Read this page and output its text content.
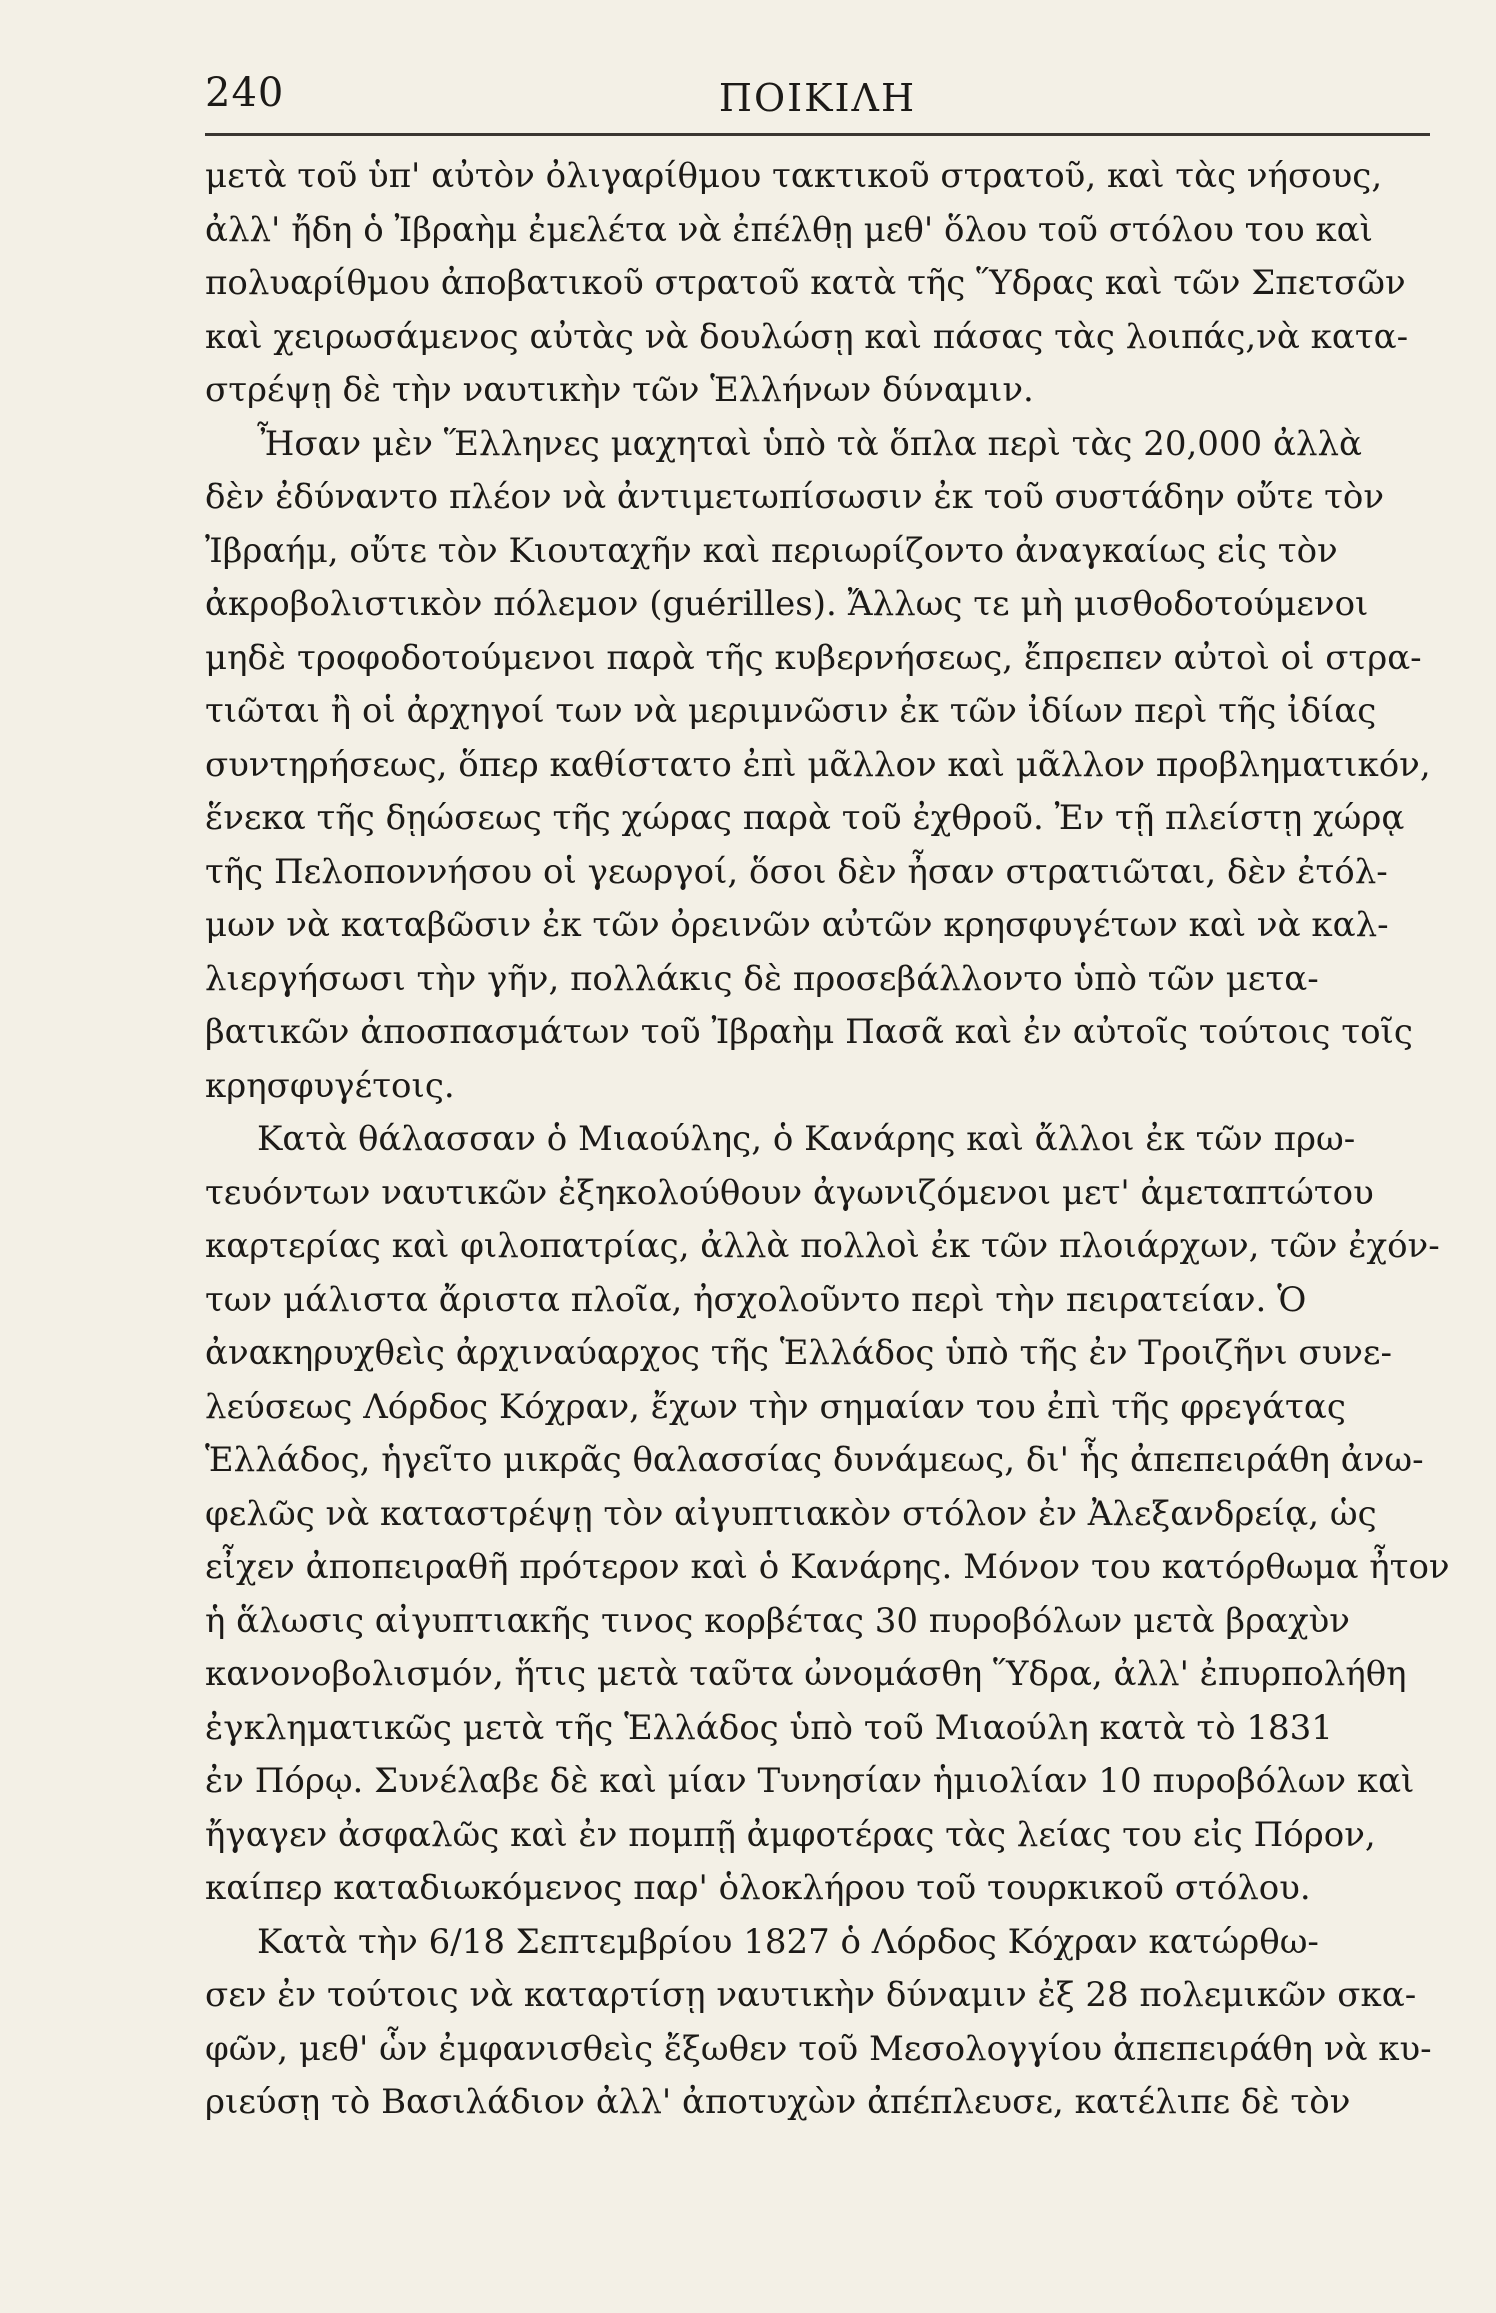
240	ΠΟΙΚΙΛΗ
μετὰ τοῦ ὑπ' αὐτὸν ὀλιγαρίθμου τακτικοῦ στρατοῦ, καὶ τὰς νήσους,
ἀλλ' ἤδη ὁ Ἰβραὴμ ἐμελέτα νὰ ἐπέλθῃ μεθ' ὅλου τοῦ στόλου του καὶ
πολυαρίθμου ἀποβατικοῦ στρατοῦ κατὰ τῆς Ὕδρας καὶ τῶν Σπετσῶν
καὶ χειρωσάμενος αὐτὰς νὰ δουλώσῃ καὶ πάσας τὰς λοιπάς,νὰ κατα-
στρέψῃ δὲ τὴν ναυτικὴν τῶν Ἑλλήνων δύναμιν.
Ἦσαν μὲν Ἕλληνες μαχηταὶ ὑπὸ τὰ ὅπλα περὶ τὰς 20,000 ἀλλὰ
δὲν ἐδύναντο πλέον νὰ ἀντιμετωπίσωσιν ἐκ τοῦ συστάδην οὔτε τὸν
Ἰβραήμ, οὔτε τὸν Κιουταχῆν καὶ περιωρίζοντο ἀναγκαίως εἰς τὸν
ἀκροβολιστικὸν πόλεμον (guérilles). Ἄλλως τε μὴ μισθοδοτούμενοι
μηδὲ τροφοδοτούμενοι παρὰ τῆς κυβερνήσεως, ἔπρεπεν αὐτοὶ οἱ στρα-
τιῶται ἢ οἱ ἀρχηγοί των νὰ μεριμνῶσιν ἐκ τῶν ἰδίων περὶ τῆς ἰδίας
συντηρήσεως, ὅπερ καθίστατο ἐπὶ μᾶλλον καὶ μᾶλλον προβληματικόν,
ἕνεκα τῆς δῃώσεως τῆς χώρας παρὰ τοῦ ἐχθροῦ. Ἐν τῇ πλείστῃ χώρᾳ
τῆς Πελοποννήσου οἱ γεωργοί, ὅσοι δὲν ἦσαν στρατιῶται, δὲν ἐτόλ-
μων νὰ καταβῶσιν ἐκ τῶν ὀρεινῶν αὐτῶν κρησφυγέτων καὶ νὰ καλ-
λιεργήσωσι τὴν γῆν, πολλάκις δὲ προσεβάλλοντο ὑπὸ τῶν μετα-
βατικῶν ἀποσπασμάτων τοῦ Ἰβραὴμ Πασᾶ καὶ ἐν αὐτοῖς τούτοις τοῖς
κρησφυγέτοις.
Κατὰ θάλασσαν ὁ Μιαούλης, ὁ Κανάρης καὶ ἄλλοι ἐκ τῶν πρω-
τευόντων ναυτικῶν ἐξηκολούθουν ἀγωνιζόμενοι μετ' ἀμεταπτώτου
καρτερίας καὶ φιλοπατρίας, ἀλλὰ πολλοὶ ἐκ τῶν πλοιάρχων, τῶν ἐχόν-
των μάλιστα ἄριστα πλοῖα, ἠσχολοῦντο περὶ τὴν πειρατείαν. Ὁ
ἀνακηρυχθεὶς ἀρχιναύαρχος τῆς Ἑλλάδος ὑπὸ τῆς ἐν Τροιζῆνι συνε-
λεύσεως Λόρδος Κόχραν, ἔχων τὴν σημαίαν του ἐπὶ τῆς φρεγάτας
Ἑλλάδος, ἡγεῖτο μικρᾶς θαλασσίας δυνάμεως, δι' ἧς ἀπεπειράθη ἀνω-
φελῶς νὰ καταστρέψῃ τὸν αἰγυπτιακὸν στόλον ἐν Ἀλεξανδρείᾳ, ὡς
εἶχεν ἀποπειραθῆ πρότερον καὶ ὁ Κανάρης. Μόνον του κατόρθωμα ἦτον
ἡ ἅλωσις αἰγυπτιακῆς τινος κορβέτας 30 πυροβόλων μετὰ βραχὺν
κανονοβολισμόν, ἥτις μετὰ ταῦτα ὠνομάσθη Ὕδρα, ἀλλ' ἐπυρπολήθη
ἐγκληματικῶς μετὰ τῆς Ἑλλάδος ὑπὸ τοῦ Μιαούλη κατὰ τὸ 1831
ἐν Πόρῳ. Συνέλαβε δὲ καὶ μίαν Τυνησίαν ἡμιολίαν 10 πυροβόλων καὶ
ἤγαγεν ἀσφαλῶς καὶ ἐν πομπῇ ἀμφοτέρας τὰς λείας του εἰς Πόρον,
καίπερ καταδιωκόμενος παρ' ὁλοκλήρου τοῦ τουρκικοῦ στόλου.
Κατὰ τὴν 6/18 Σεπτεμβρίου 1827 ὁ Λόρδος Κόχραν κατώρθω-
σεν ἐν τούτοις νὰ καταρτίσῃ ναυτικὴν δύναμιν ἐξ 28 πολεμικῶν σκα-
φῶν, μεθ' ὧν ἐμφανισθεὶς ἔξωθεν τοῦ Μεσολογγίου ἀπεπειράθη νὰ κυ-
ριεύσῃ τὸ Βασιλάδιον ἀλλ' ἀποτυχὼν ἀπέπλευσε, κατέλιπε δὲ τὸν
